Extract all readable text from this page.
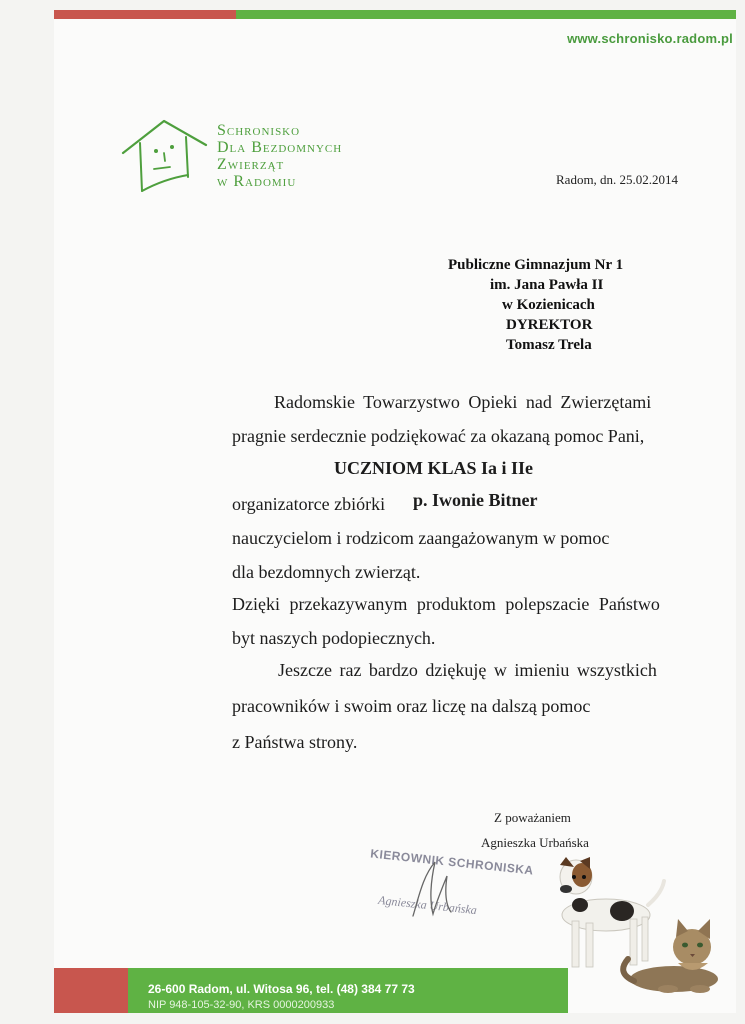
www.schronisko.radom.pl
Schronisko
Dla Bezdomnych
Zwierząt
w Radomiu	Radom, dn. 25.02.2014
Publiczne Gimnazjum Nr 1
im. Jana Pawła II
w Kozienicach
DYREKTOR
Tomasz Trela
Radomskie Towarzystwo Opieki nad Zwierzętami
pragnie serdecznie podziękować za okazaną pomoc Pani,
UCZNIOM KLAS Ia i IIe
organizatorce zbiórki p. Iwonie Bitner
nauczycielom i rodzicom zaangażowanym w pomoc
dla bezdomnych zwierząt.
Dzięki przekazywanym produktom polepszacie Państwo
byt naszych podopiecznych.
Jeszcze raz bardzo dziękuję w imieniu wszystkich
pracowników i swoim oraz liczę na dalszą pomoc
z Państwa strony.
Z poważaniem
Agnieszka Urbańska
KIEROWNIK SCHRONISKA
Agnieszka Urbańska
26-600 Radom, ul. Witosa 96, tel. (48) 384 77 73
NIP 948-105-32-90, KRS 0000200933
